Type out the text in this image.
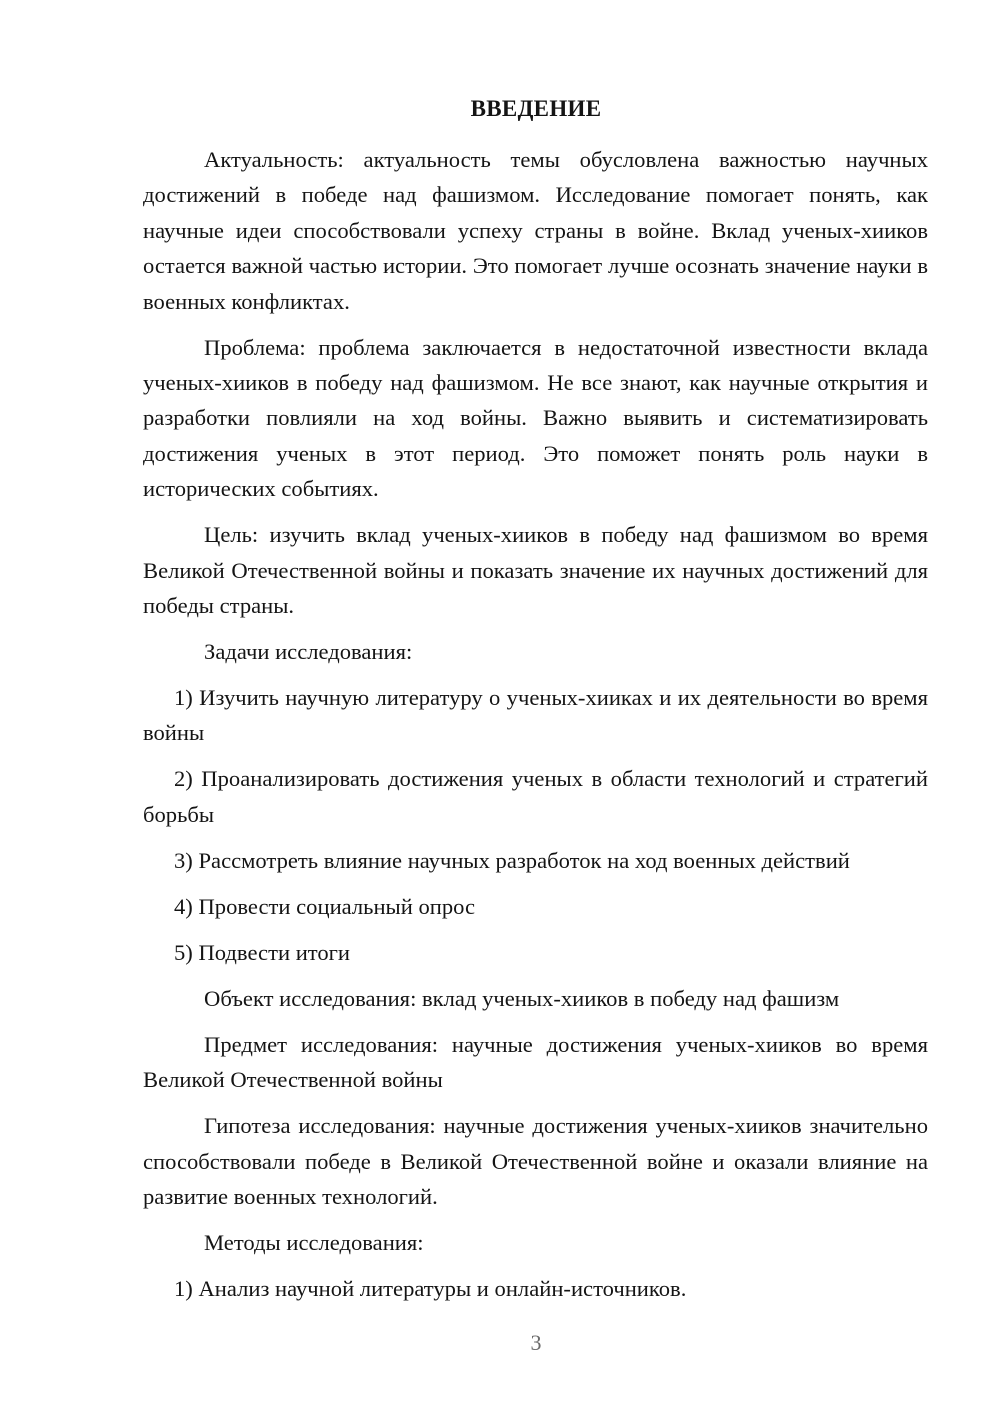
ВВЕДЕНИЕ

Актуальность: актуальность темы обусловлена важностью научных достижений в победе над фашизмом. Исследование помогает понять, как научные идеи способствовали успеху страны в войне. Вклад ученых-хииков остается важной частью истории. Это помогает лучше осознать значение науки в военных конфликтах.

Проблема: проблема заключается в недостаточной известности вклада ученых-хииков в победу над фашизмом. Не все знают, как научные открытия и разработки повлияли на ход войны. Важно выявить и систематизировать достижения ученых в этот период. Это поможет понять роль науки в исторических событиях.

Цель: изучить вклад ученых-хииков в победу над фашизмом во время Великой Отечественной войны и показать значение их научных достижений для победы страны.

Задачи исследования:

1) Изучить научную литературу о ученых-хииках и их деятельности во время войны

2) Проанализировать достижения ученых в области технологий и стратегий борьбы

3) Рассмотреть влияние научных разработок на ход военных действий

4) Провести социальный опрос

5) Подвести итоги

Объект исследования: вклад ученых-хииков в победу над фашизм

Предмет исследования: научные достижения ученых-хииков во время Великой Отечественной войны

Гипотеза исследования: научные достижения ученых-хииков значительно способствовали победе в Великой Отечественной войне и оказали влияние на развитие военных технологий.

Методы исследования:

1) Анализ научной литературы и онлайн-источников.

3
